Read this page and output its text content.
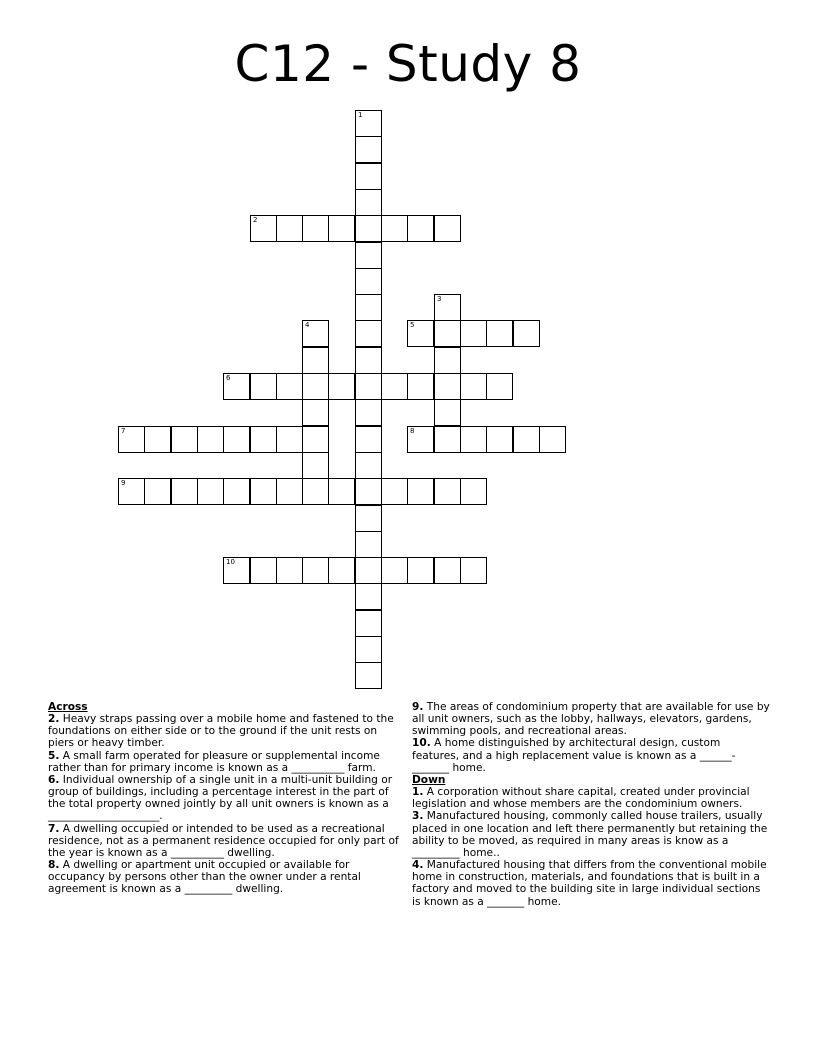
C12 - Study 8
1
2
3
4	5
6
7	8
9
10
Across

2. Heavy straps passing over a mobile home and fastened to the foundations on either side or to the ground if the unit rests on piers or heavy timber.

5. A small farm operated for pleasure or supplemental income rather than for primary income is known as a __________ farm.

6. Individual ownership of a single unit in a multi-unit building or group of buildings, including a percentage interest in the part of the total property owned jointly by all unit owners is known as a _____________________.

7. A dwelling occupied or intended to be used as a recreational residence, not as a permanent residence occupied for only part of the year is known as a __________ dwelling.

8. A dwelling or apartment unit occupied or available for occupancy by persons other than the owner under a rental agreement is known as a _________ dwelling.

9. The areas of condominium property that are available for use by all unit owners, such as the lobby, hallways, elevators, gardens, swimming pools, and recreational areas.

10. A home distinguished by architectural design, custom features, and a high replacement value is known as a ______-_______ home.

Down

1. A corporation without share capital, created under provincial legislation and whose members are the condominium owners.

3. Manufactured housing, commonly called house trailers, usually placed in one location and left there permanently but retaining the ability to be moved, as required in many areas is know as a _________ home..

4. Manufactured housing that differs from the conventional mobile home in construction, materials, and foundations that is built in a factory and moved to the building site in large individual sections is known as a _______ home.
